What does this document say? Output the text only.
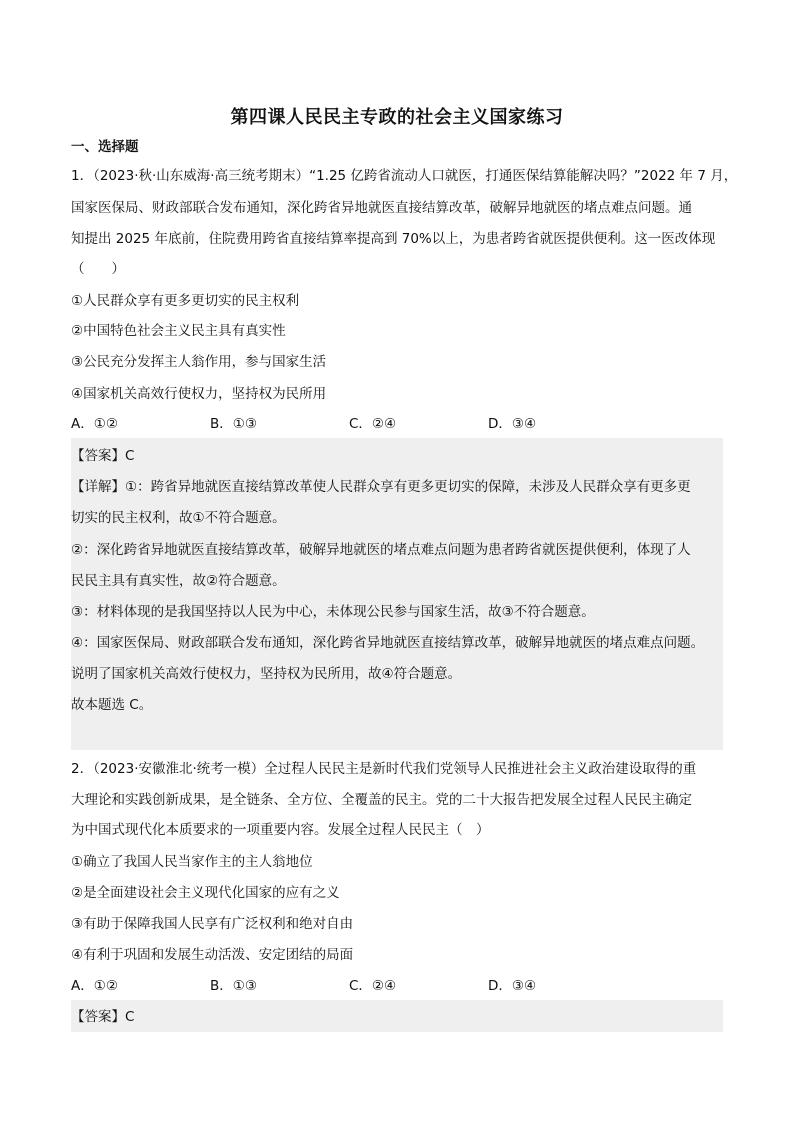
第四课人民民主专政的社会主义国家练习
一、选择题
1．（2023·秋·山东威海·高三统考期末）“1.25 亿跨省流动人口就医，打通医保结算能解决吗？”2022 年 7 月，
国家医保局、财政部联合发布通知，深化跨省异地就医直接结算改革，破解异地就医的堵点难点问题。通
知提出 2025 年底前，住院费用跨省直接结算率提高到 70%以上，为患者跨省就医提供便利。这一医改体现
（　　）
①人民群众享有更多更切实的民主权利
②中国特色社会主义民主具有真实性
③公民充分发挥主人翁作用，参与国家生活
④国家机关高效行使权力，坚持权为民所用
A．①②	B．①③	C．②④	D．③④
【答案】C
【详解】①：跨省异地就医直接结算改革使人民群众享有更多更切实的保障，未涉及人民群众享有更多更
切实的民主权利，故①不符合题意。
②：深化跨省异地就医直接结算改革，破解异地就医的堵点难点问题为患者跨省就医提供便利，体现了人
民民主具有真实性，故②符合题意。
③：材料体现的是我国坚持以人民为中心，未体现公民参与国家生活，故③不符合题意。
④：国家医保局、财政部联合发布通知，深化跨省异地就医直接结算改革，破解异地就医的堵点难点问题。
说明了国家机关高效行使权力，坚持权为民所用，故④符合题意。
故本题选 C。
2．（2023·安徽淮北·统考一模）全过程人民民主是新时代我们党领导人民推进社会主义政治建设取得的重
大理论和实践创新成果，是全链条、全方位、全覆盖的民主。党的二十大报告把发展全过程人民民主确定
为中国式现代化本质要求的一项重要内容。发展全过程人民民主（　）
①确立了我国人民当家作主的主人翁地位
②是全面建设社会主义现代化国家的应有之义
③有助于保障我国人民享有广泛权利和绝对自由
④有利于巩固和发展生动活泼、安定团结的局面
A．①②	B．①③	C．②④	D．③④
【答案】C
